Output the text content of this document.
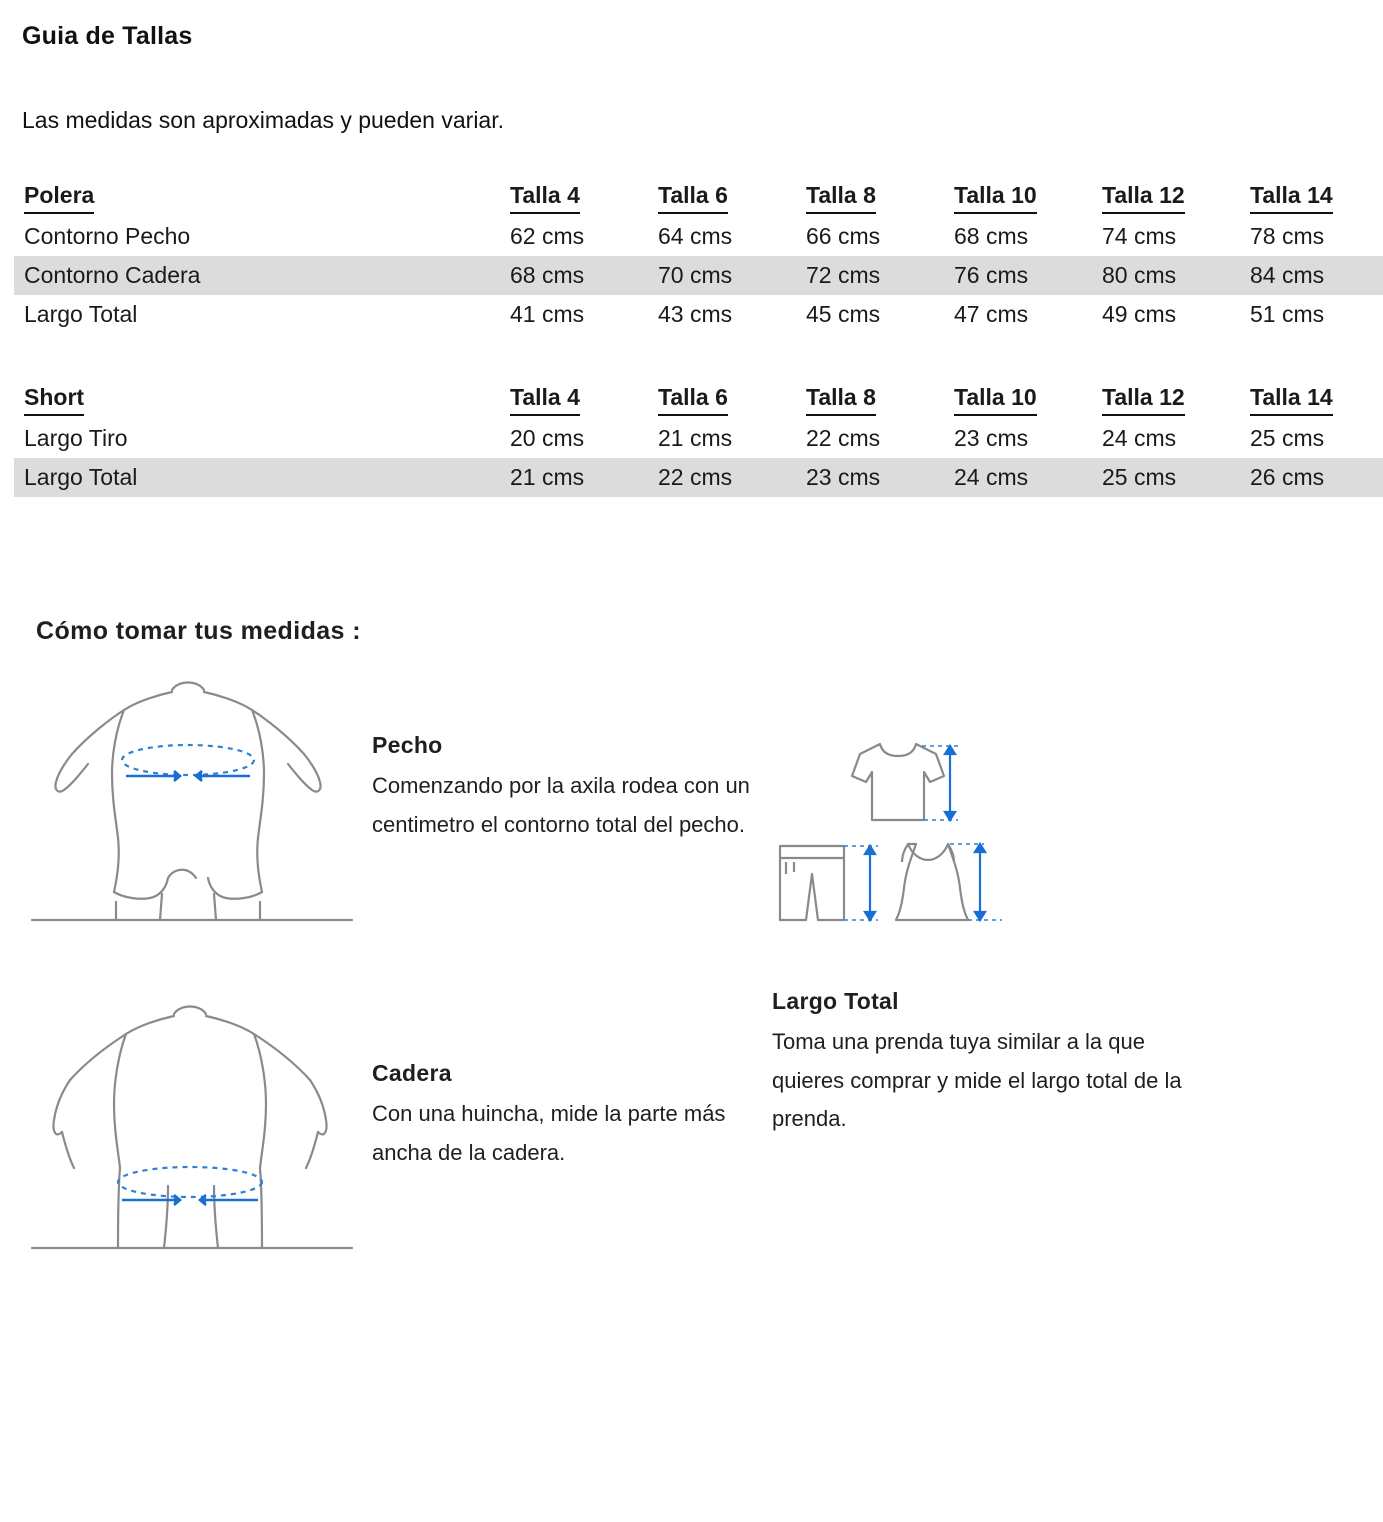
Guia de Tallas
Las medidas son aproximadas y pueden variar.
Polera	Talla 4	Talla 6	Talla 8	Talla 10	Talla 12	Talla 14
Contorno Pecho	62 cms	64 cms	66 cms	68 cms	74 cms	78 cms
Contorno Cadera	68 cms	70 cms	72 cms	76 cms	80 cms	84 cms
Largo Total	41 cms	43 cms	45 cms	47 cms	49 cms	51 cms
Short	Talla 4	Talla 6	Talla 8	Talla 10	Talla 12	Talla 14
Largo Tiro	20 cms	21 cms	22 cms	23 cms	24 cms	25 cms
Largo Total	21 cms	22 cms	23 cms	24 cms	25 cms	26 cms
Cómo tomar tus medidas :
Pecho

Comenzando por la axila rodea con un centimetro el contorno total del pecho.

Cadera

Con una huincha, mide la parte más ancha de la cadera.

Largo Total

Toma una prenda tuya similar a la que quieres comprar y mide el largo total de la prenda.
